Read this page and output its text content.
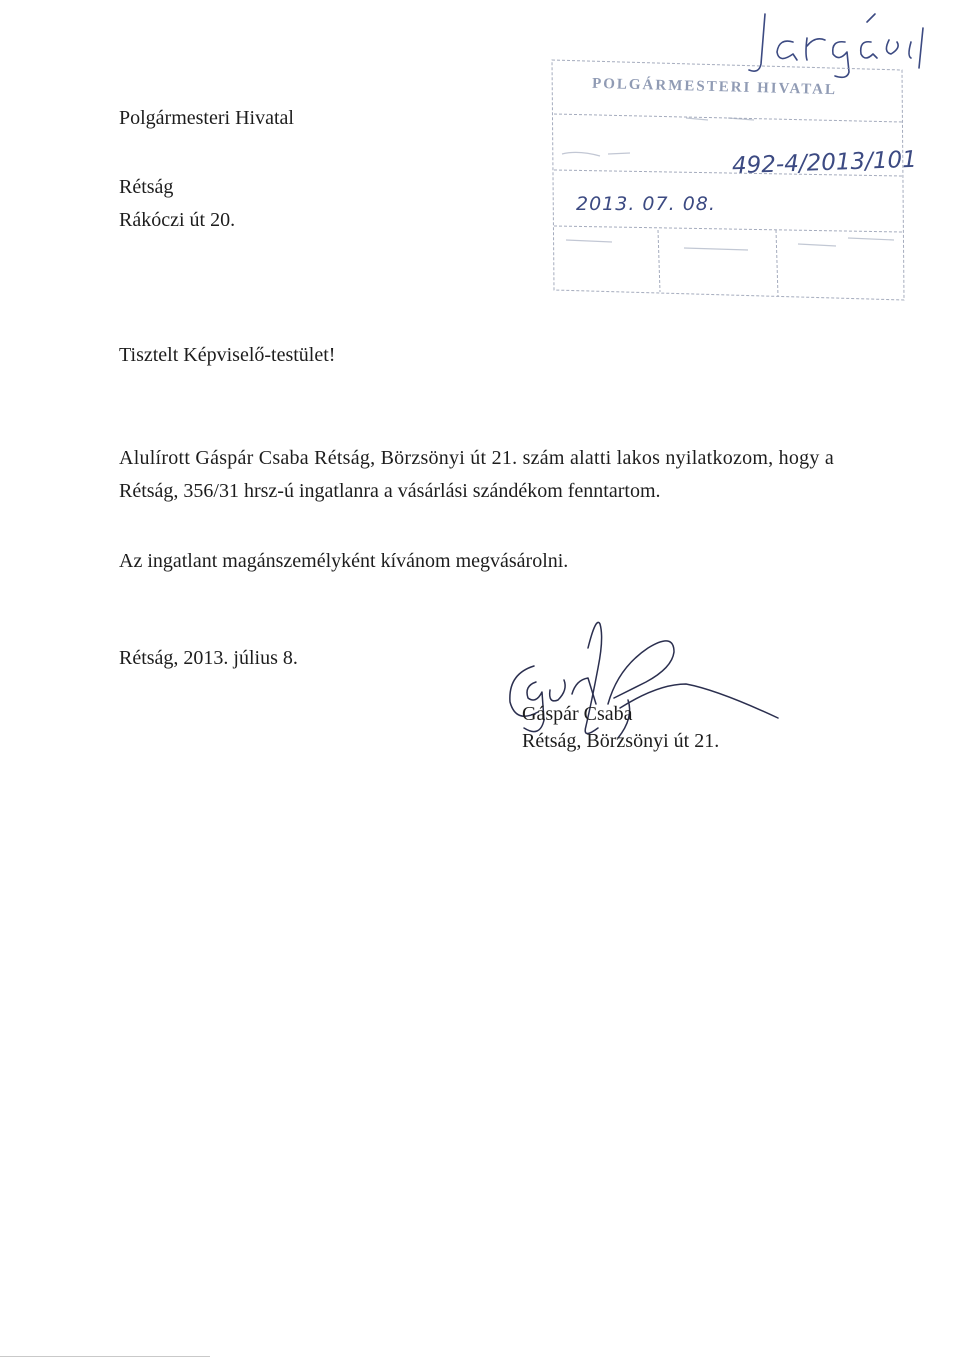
POLGÁRMESTERI HIVATAL
492-4/2013/101
2013. 07. 08.
Polgármesteri Hivatal
Rétság
Rákóczi út 20.
Tisztelt Képviselő-testület!
Alulírott Gáspár Csaba Rétság, Börzsönyi út 21. szám alatti lakos nyilatkozom, hogy a
Rétság, 356/31 hrsz-ú ingatlanra a vásárlási szándékom fenntartom.
Az ingatlant magánszemélyként kívánom megvásárolni.
Rétság, 2013. július 8.
Gáspár Csaba
Rétság, Börzsönyi út 21.
